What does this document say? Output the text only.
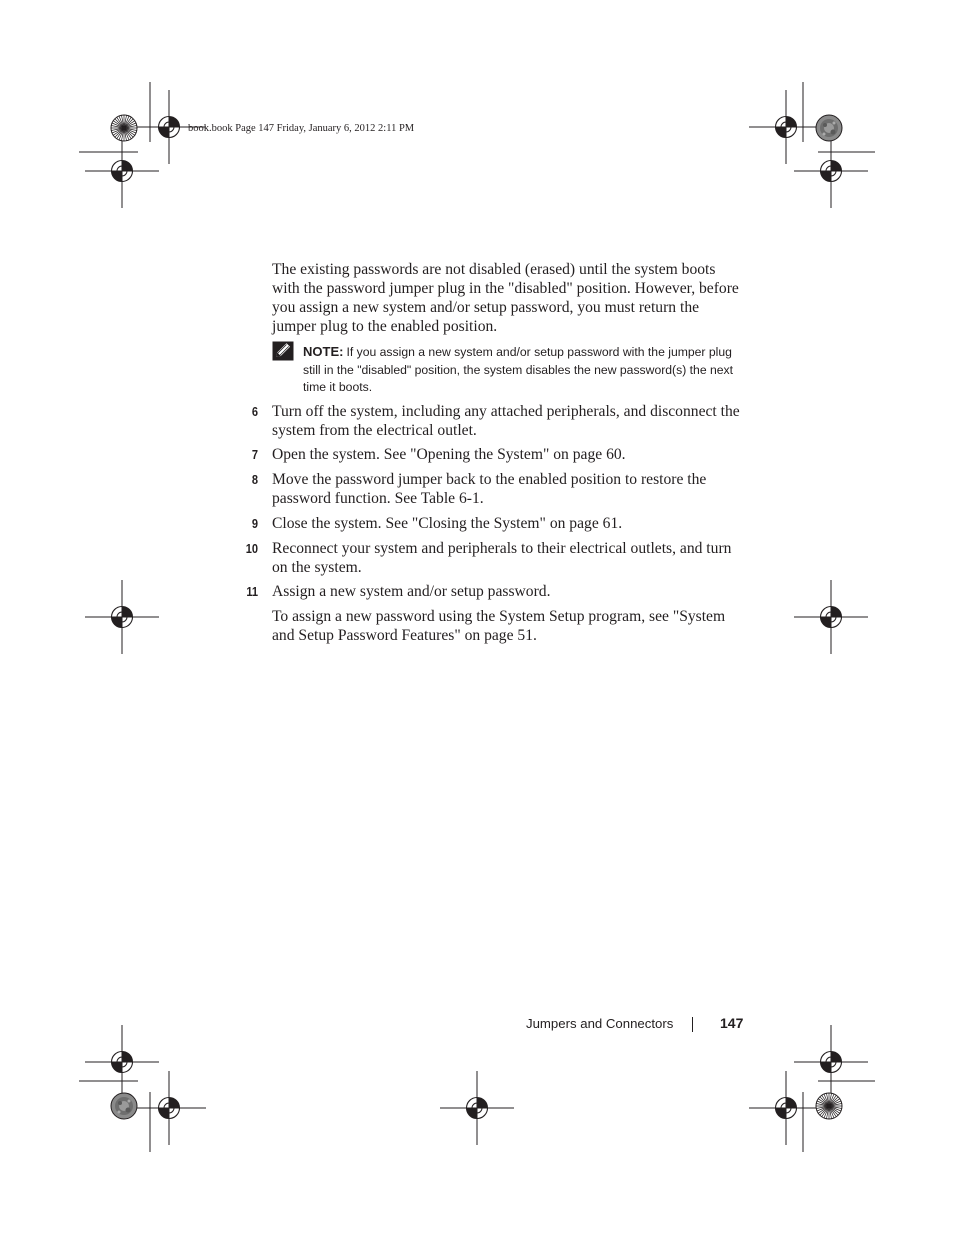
book.book Page 147 Friday, January 6, 2012 2:11 PM
The existing passwords are not disabled (erased) until the system boots with the password jumper plug in the "disabled" position. However, before you assign a new system and/or setup password, you must return the jumper plug to the enabled position.
NOTE: If you assign a new system and/or setup password with the jumper plug still in the "disabled" position, the system disables the new password(s) the next time it boots.
6 Turn off the system, including any attached peripherals, and disconnect the system from the electrical outlet.
7 Open the system. See "Opening the System" on page 60.
8 Move the password jumper back to the enabled position to restore the password function. See Table 6-1.
9 Close the system. See "Closing the System" on page 61.
10 Reconnect your system and peripherals to their electrical outlets, and turn on the system.
11 Assign a new system and/or setup password.
To assign a new password using the System Setup program, see "System and Setup Password Features" on page 51.
Jumpers and Connectors	147
